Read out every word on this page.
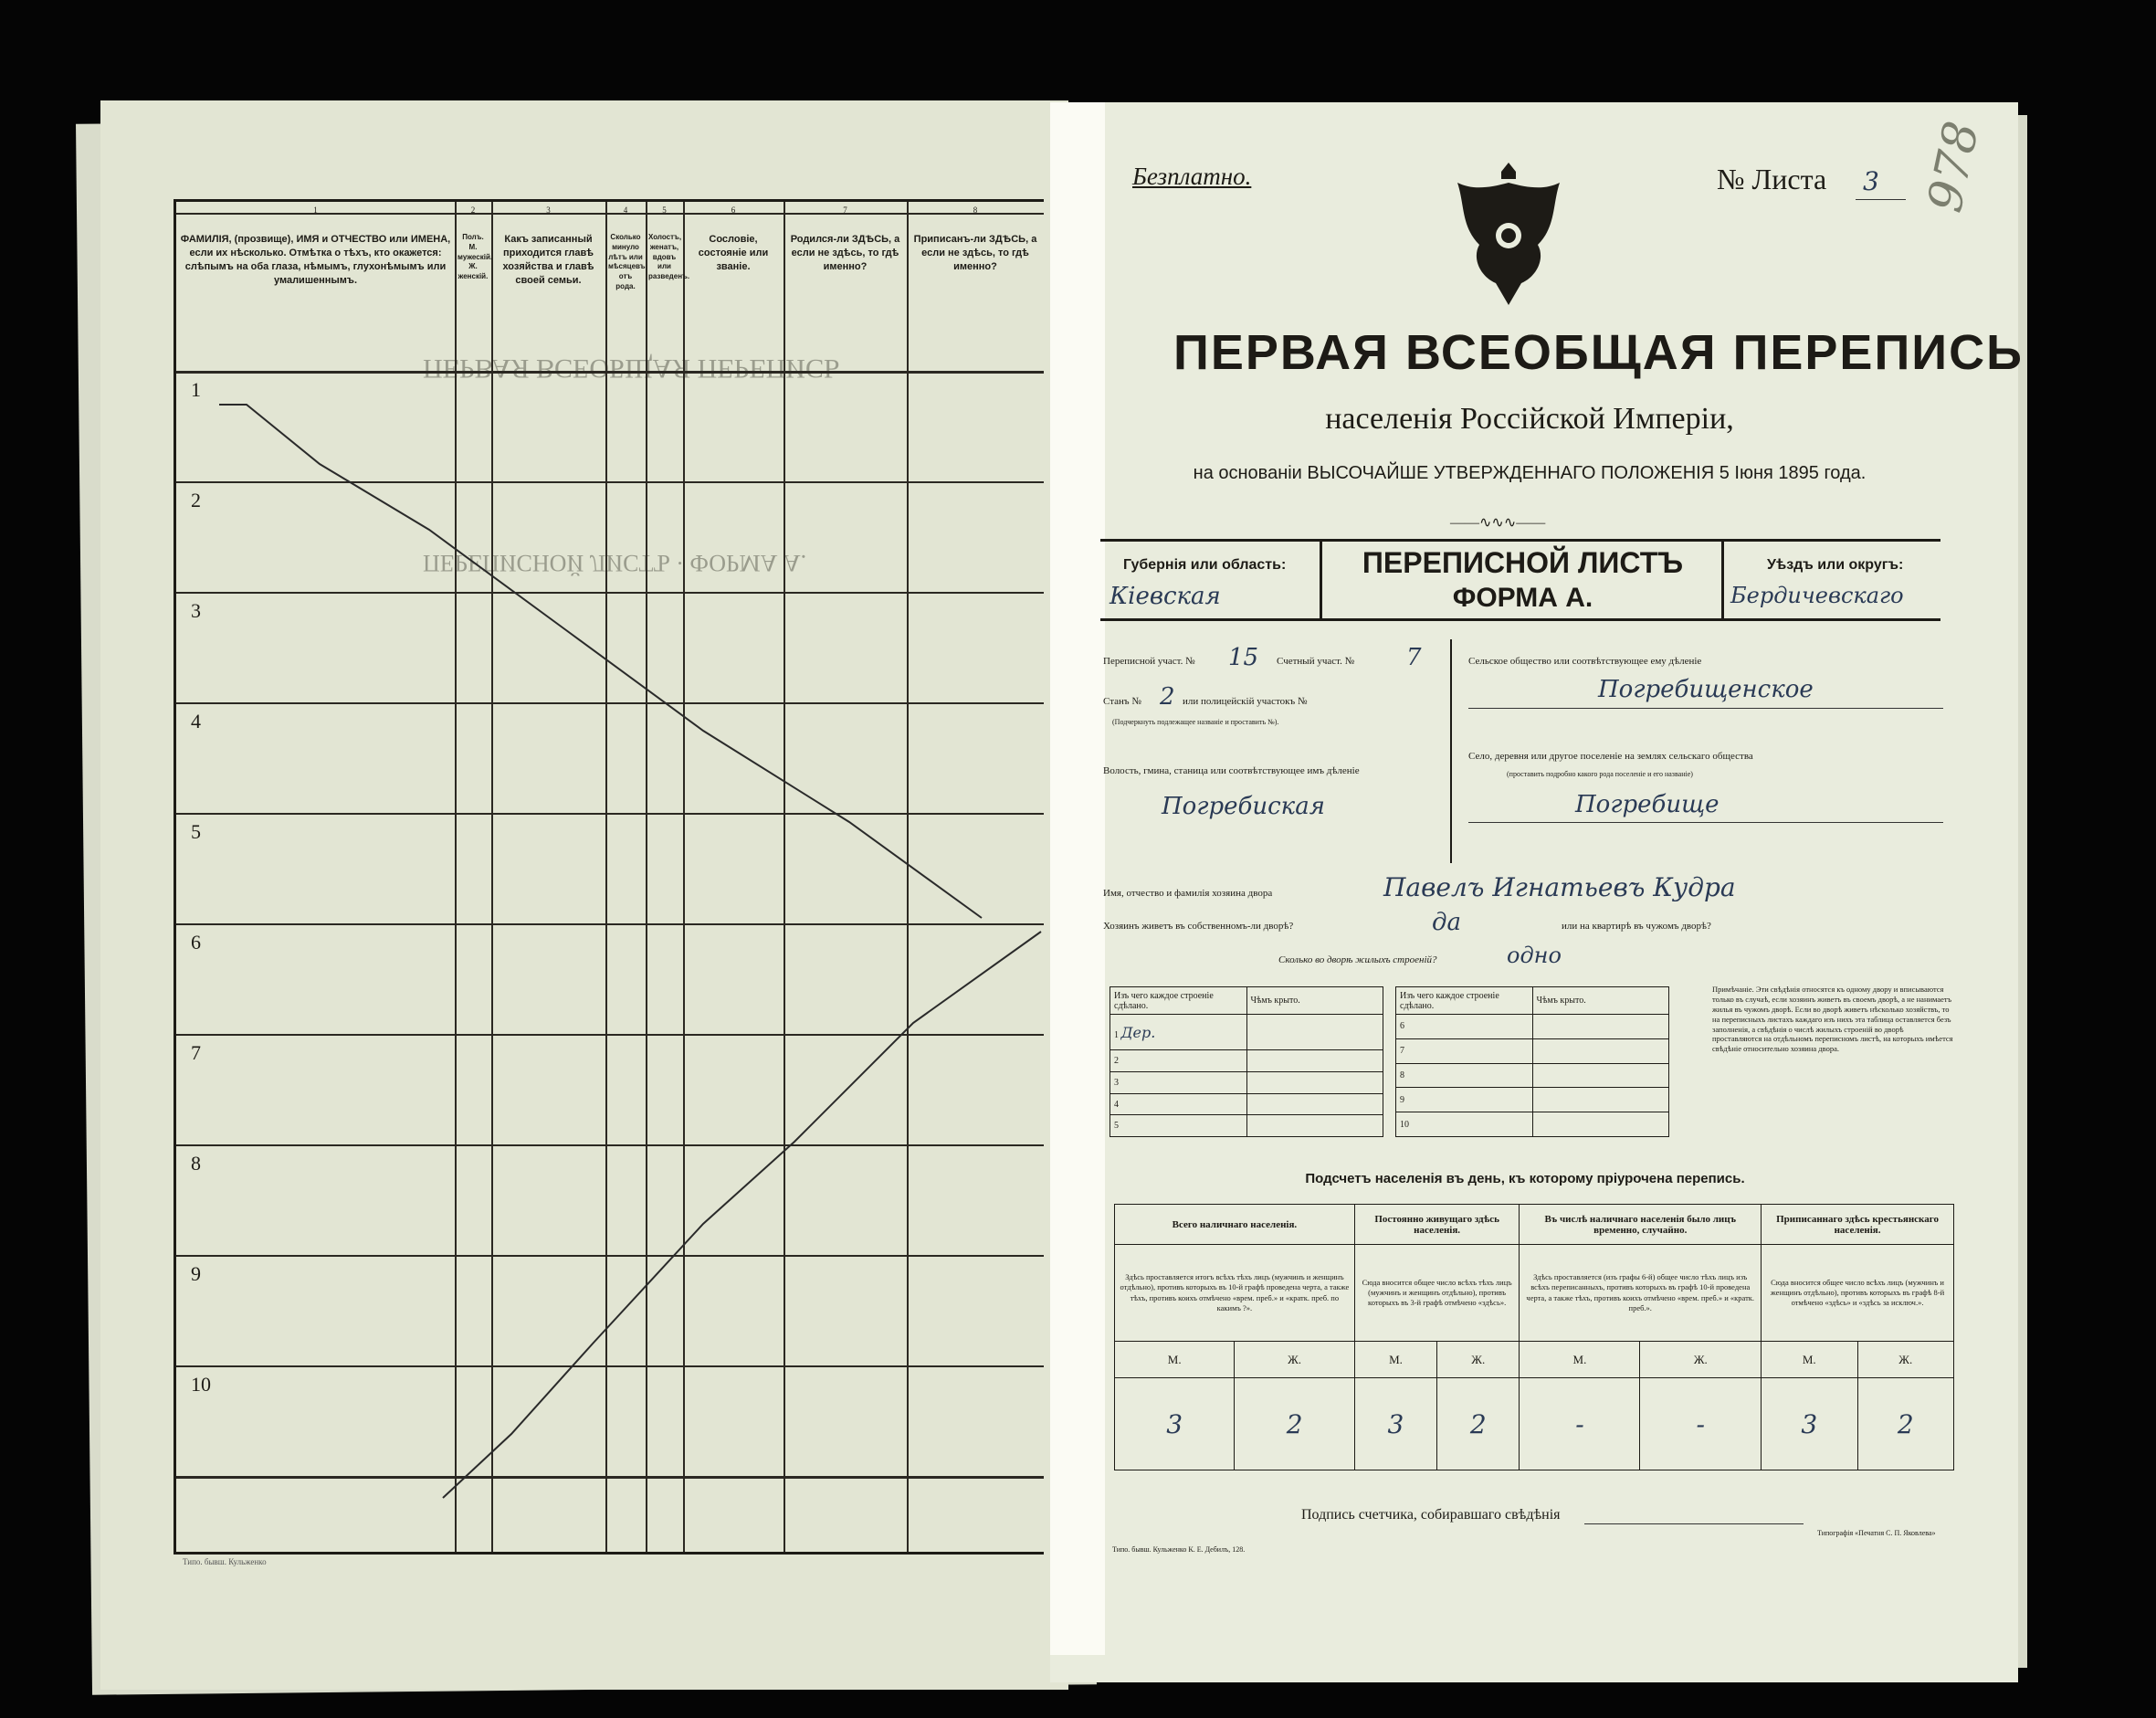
ПЕРВАЯ ВСЕОБЩАЯ ПЕРЕПИСЬ
ПЕРЕПИСНОЙ ЛИСТЪ · ФОРМА А.
1
ФАМИЛІЯ, (прозвище), ИМЯ и ОТЧЕСТВО или ИМЕНА, если их нѣсколько. Отмѣтка о тѣхъ, кто окажется: слѣпымъ на оба глаза, нѣмымъ, глухонѣмымъ или умалишеннымъ.
2
Полъ. М. мужескій. Ж. женскій.
3
Какъ записанный приходится главѣ хозяйства и главѣ своей семьи.
4
Сколько минуло лѣтъ или мѣсяцевъ отъ рода.
5
Холостъ, женатъ, вдовъ или разведенъ.
6
Сословіе, состояніе или званіе.
7
Родился-ли ЗДѢСЬ, а если не здѣсь, то гдѣ именно?
8
Приписанъ-ли ЗДѢСЬ, а если не здѣсь, то гдѣ именно?
1
2
3
4
5
6
7
8
9
10
Типо. бывш. Кульженко
Безплатно.	№ Листа 3 978
ПЕРВАЯ ВСЕОБЩАЯ ПЕРЕПИСЬ
населенія Россійской Имперіи,
на основаніи ВЫСОЧАЙШЕ УТВЕРЖДЕННАГО ПОЛОЖЕНІЯ 5 Іюня 1895 года.
——∿∿∿——
Губернія или область:
Кіевская
ПЕРЕПИСНОЙ ЛИСТЪ
ФОРМА А.
Уѣздъ или округъ:
Бердичевскаго
Переписной участ. № 15 Счетный участ. № 7
Станъ № 2 или полицейскій участокъ №
(Подчеркнуть подлежащее названіе и проставить №).
Волость, гмина, станица или соотвѣтствующее имъ дѣленіе
Погребиская
Сельское общество или соотвѣтствующее ему дѣленіе
Погребищенское
Село, деревня или другое поселеніе на землях сельскаго общества
(проставить подробно какого рода поселеніе и его названіе)
Погребище
Имя, отчество и фамилія хозяина двора	Павелъ Игнатьевъ Кудра
Хозяинъ живетъ въ собственномъ-ли дворѣ?	да	или на квартирѣ въ чужомъ дворѣ?
Сколько во дворѣ жилыхъ строеній?	одно
Изъ чего каждое строеніе сдѣлано.	Чѣмъ крыто.
1 Дер.	
2	
3	
4	
5	
Изъ чего каждое строеніе сдѣлано.	Чѣмъ крыто.
6	
7	
8	
9	
10	
Примѣчаніе. Эти свѣдѣнія относятся къ одному двору и вписываются только въ случаѣ, если хозяинъ живетъ въ своемъ дворѣ, а не нанимаетъ жилья въ чужомъ дворѣ. Если во дворѣ живетъ нѣсколько хозяйствъ, то на переписныхъ листахъ каждаго изъ нихъ эта таблица оставляется безъ заполненія, а свѣдѣнія о числѣ жилыхъ строеній во дворѣ проставляются на отдѣльномъ переписномъ листѣ, на которыхъ имѣется свѣдѣніе относительно хозяина двора.
Подсчетъ населенія въ день, къ которому пріурочена перепись.
Всего наличнаго населенія.		Постоянно живущаго здѣсь населенія.		Въ числѣ наличнаго населенія было лицъ временно, случайно.		Приписаннаго здѣсь крестьянскаго населенія.	
Здѣсь проставляется итогъ всѣхъ тѣхъ лицъ (мужчинъ и женщинъ отдѣльно), противъ которыхъ въ 10-й графѣ проведена черта, а также тѣхъ, противъ коихъ отмѣчено «врем. преб.» и «кратк. преб. по какимъ ?».		Сюда вносится общее число всѣхъ тѣхъ лицъ (мужчинъ и женщинъ отдѣльно), противъ которыхъ въ 3-й графѣ отмѣчено «здѣсь».		Здѣсь проставляется (изъ графы 6-й) общее число тѣхъ лицъ изъ всѣхъ переписанныхъ, противъ которыхъ въ графѣ 10-й проведена черта, а также тѣхъ, противъ коихъ отмѣчено «врем. преб.» и «кратк. преб.».		Сюда вносится общее число всѣхъ лицъ (мужчинъ и женщинъ отдѣльно), противъ которыхъ въ графѣ 8-й отмѣчено «здѣсь» и «здѣсь за исключ.».	
М.	Ж.	М.	Ж.	М.	Ж.	М.	Ж.
3	2	3	2	-	-	3	2
Подпись счетчика, собиравшаго свѣдѣнія
Типо. бывш. Кульженко К. Е. Дебилъ, 128.
Типографія «Печатня С. П. Яковлева»
